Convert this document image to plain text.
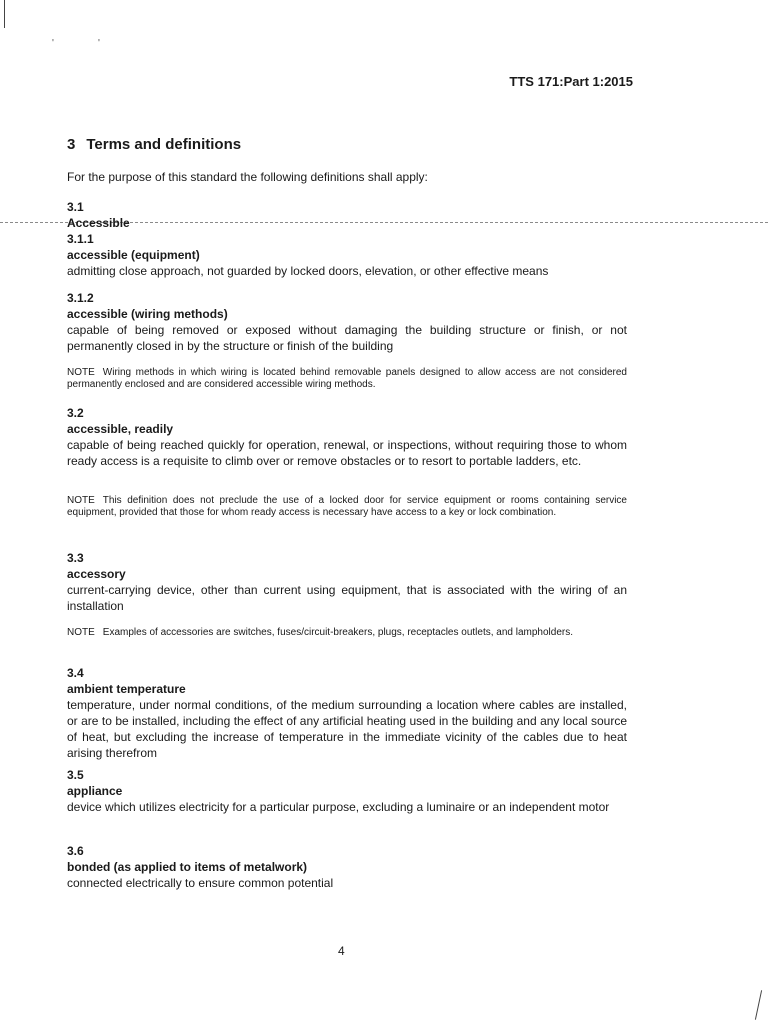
'	'
TTS 171:Part 1:2015
3 Terms and definitions
For the purpose of this standard the following definitions shall apply:
3.1
Accessible
3.1.1
accessible (equipment)
admitting close approach, not guarded by locked doors, elevation, or other effective means
3.1.2
accessible (wiring methods)
capable of being removed or exposed without damaging the building structure or finish, or not permanently closed in by the structure or finish of the building
NOTE Wiring methods in which wiring is located behind removable panels designed to allow access are not considered permanently enclosed and are considered accessible wiring methods.
3.2
accessible, readily
capable of being reached quickly for operation, renewal, or inspections, without requiring those to whom ready access is a requisite to climb over or remove obstacles or to resort to portable ladders, etc.
NOTE This definition does not preclude the use of a locked door for service equipment or rooms containing service equipment, provided that those for whom ready access is necessary have access to a key or lock combination.
3.3
accessory
current-carrying device, other than current using equipment, that is associated with the wiring of an installation
NOTE Examples of accessories are switches, fuses/circuit-breakers, plugs, receptacles outlets, and lampholders.
3.4
ambient temperature
temperature, under normal conditions, of the medium surrounding a location where cables are installed, or are to be installed, including the effect of any artificial heating used in the building and any local source of heat, but excluding the increase of temperature in the immediate vicinity of the cables due to heat arising therefrom
3.5
appliance
device which utilizes electricity for a particular purpose, excluding a luminaire or an independent motor
3.6
bonded (as applied to items of metalwork)
connected electrically to ensure common potential
4
